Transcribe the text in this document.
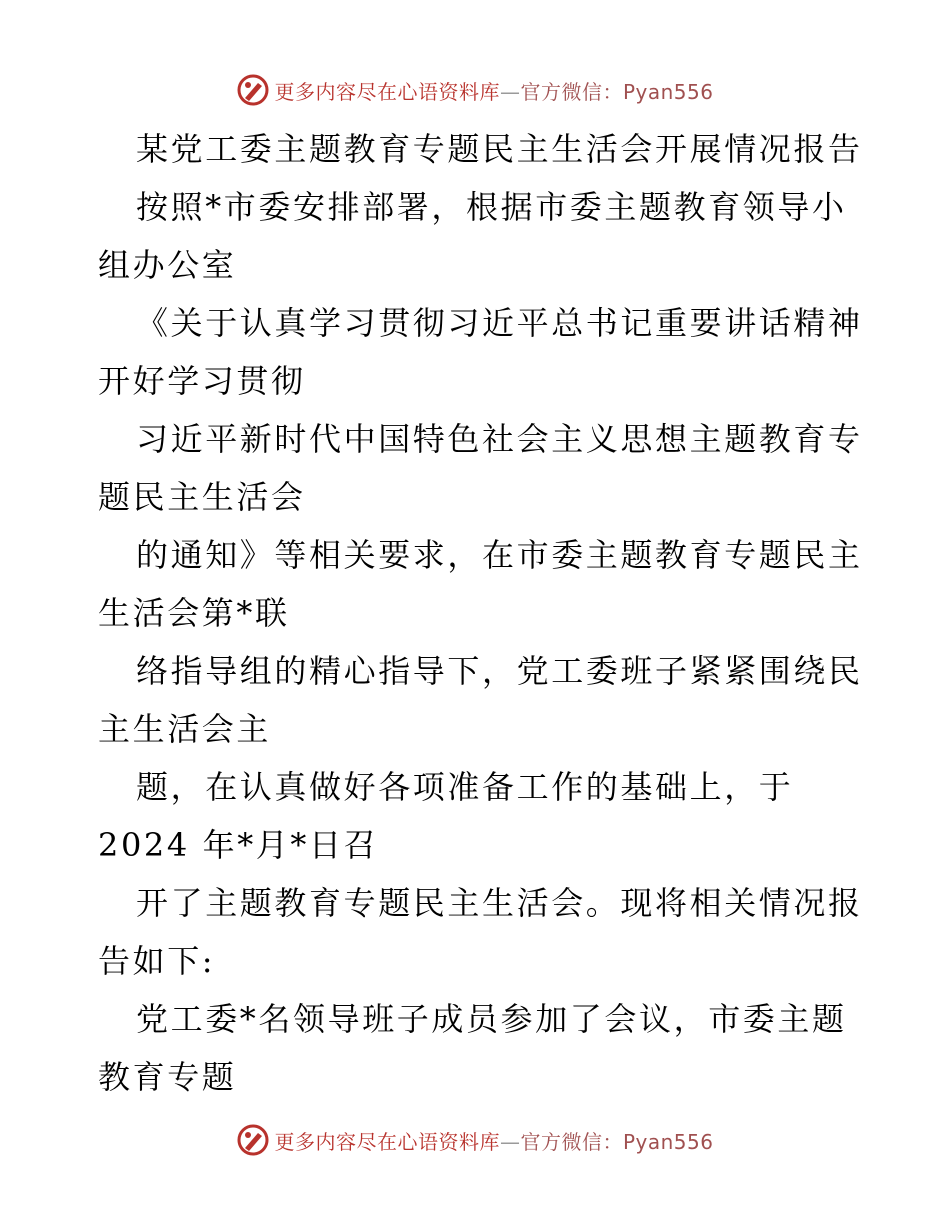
更多内容尽在心语资料库—官方微信：Pyan556
某党工委主题教育专题民主生活会开展情况报告
按照*市委安排部署，根据市委主题教育领导小
组办公室
《关于认真学习贯彻习近平总书记重要讲话精神
开好学习贯彻
习近平新时代中国特色社会主义思想主题教育专
题民主生活会
的通知》等相关要求，在市委主题教育专题民主
生活会第*联
络指导组的精心指导下，党工委班子紧紧围绕民
主生活会主
题，在认真做好各项准备工作的基础上，于
2024 年*月*日召
开了主题教育专题民主生活会。现将相关情况报
告如下:
党工委*名领导班子成员参加了会议，市委主题
教育专题
更多内容尽在心语资料库—官方微信：Pyan556
